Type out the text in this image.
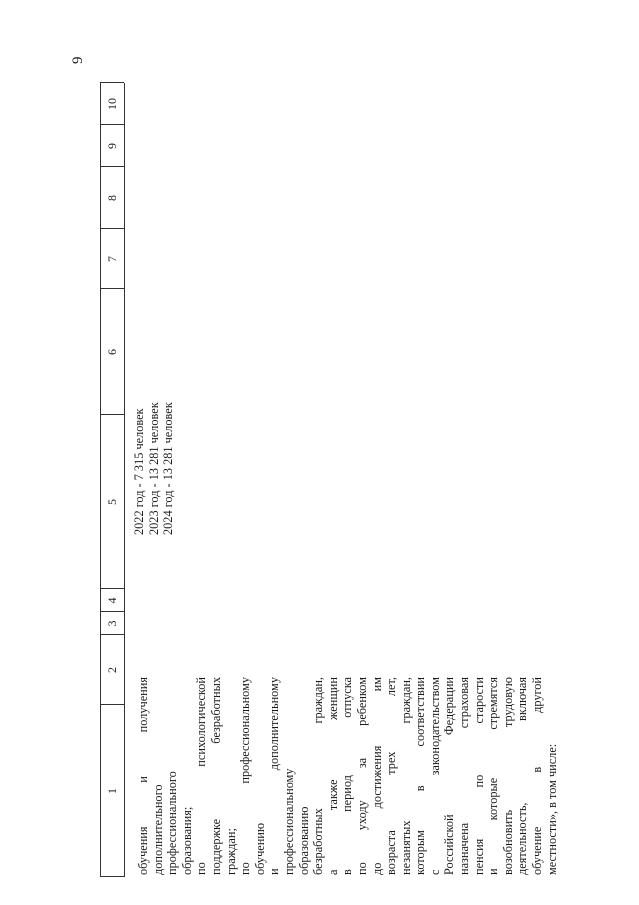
9
1
2
3
4
5
6
7
8
9
10
обучения
и
получения
дополнительного профессионального образования; по
психологической
поддержке
безработных
граждан; по
профессиональному
обучению и
дополнительному
профессиональному образованию безработных
граждан,
а
также
женщин
в
период
отпуска
по
уходу
за
ребенком
до
достижения
им
возраста
трех
лет,
незанятых
граждан,
которым
в
соответствии
с
законодательством
Российской
Федерации
назначена
страховая
пенсия
по
старости
и
которые
стремятся
возобновить
трудовую
деятельность,
включая
обучение
в
другой
местности», в том числе:
2022 год - 7 315 человек 2023 год - 13 281 человек 2024 год - 13 281 человек
